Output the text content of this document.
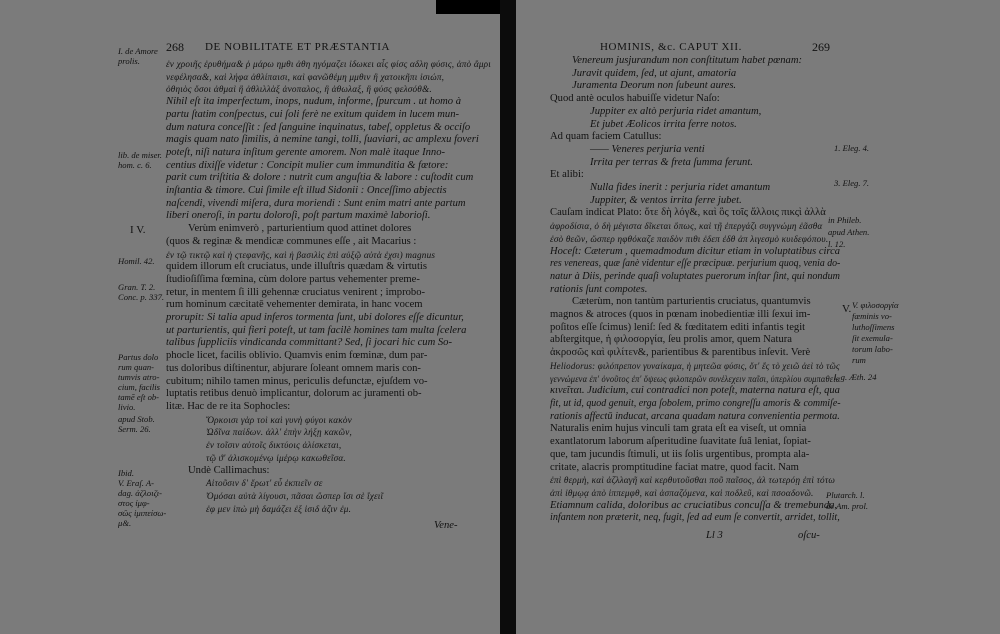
268 DE NOBILITATE ET PRÆSTANTIA
ἐν χροιῆς ἐρυθήμα& ῥ μάρω ημθι ἀθη ηγόμαζει ἰδωκει αἷς φίσς αδλη φύσις, ἀπὸ ἄμρι
νεφέλησα&, καὶ λήφα ἀθλίπαισι, καὶ φανῶθέμη μμθιν ἢ χατοικῆπι ἰσιώπ,
ὀθηιὸς ὅσοι ἀθμαὶ ἢ ἀθλιλλὰξ ἀνοπαλος, ἢ ἀθωλαξ, ἢ φύσς φελσόθ&.
Nihil eſt ita imperfectum, inops, nudum, informe, ſpurcum . ut homo à
partu ſtatim conſpectus, cui ſoli ferè ne exitum quidem in lucem mun-
dum natura conceſſit : ſed ſanguine inquinatus, tabeſ, oppletus & occiſo
magis quam nato ſimilis, à nemine tangi, tolli, ſuaviari, ac amplexu foveri
poteſt, niſi natura inſitum gerente amorem. Non malè itaque Inno-
centius dixiſſe videtur : Concipit mulier cum immunditia & fœtore:
parit cum triſtitia & dolore : nutrit cum anguſtia & labore : cuſtodit cum
inſtantia & timore. Cui ſimile eſt illud Sidonii : Onceſſimo abjectis
naſcendi, vivendi miſera, dura moriendi : Sunt enim matri ante partum
liberi oneroſi, in partu doloroſi, poſt partum maximè laborioſi.
Verùm enimverò , parturientium quod attinet dolores
(quos & reginæ & mendicæ communes eſſe , ait Macarius :
ἐν τῷ τικτῷ καὶ ἡ ςτεφανῆς, καὶ ἡ βασιλὶς ἐπὶ αὐξῷ αὐτὰ ἐχσι) magnus
quidem illorum eſt cruciatus, unde illuſtris quædam & virtutis
ſtudioſiſſima fœmina, cùm dolore partus vehementer preme-
retur, in mentem ſi illi gehennæ cruciatus venirent ; improbo-
rum hominum cæcitatē vehementer demirata, in hanc vocem
prorupit: Si talia apud inferos tormenta ſunt, ubi dolores eſſe dicuntur,
ut parturientis, qui fieri poteſt, ut tam facilè homines tam multa ſcelera
talibus ſuppliciis vindicanda committant? Sed, ſi jocari hic cum So-
phocle licet, facilis oblivio. Quamvis enim fœminæ, dum par-
tus doloribus diſtinentur, abjurare ſoleant omnem maris con-
cubitum; nihilo tamen minus, periculis defunctæ, ejuſdem vo-
luptatis retibus denuò implicantur, dolorum ac juramenti ob-
litæ. Hac de re ita Sophocles:
Ὅρκοισι γὰρ τοὶ καὶ γυνὴ φύγοι κακὸν
Ὠδῖνα παίδων. ἀλλ' ἐπὴν λήξῃ κακῶν,
ἐν τοῖσιν αὐτοῖς δικτύοις ἁλίσκεται,
τῷ ϑ' ἁλισκομένῳ ἱμέρῳ κακωθεῖσα.
Undè Callimachus:
Αἰτοῦσιν δ' ἔρωτ' εὖ ἐκπιεῖν σε
Ὀμόσαι αὐτὰ λίγουσι, πᾶσαι ὥσπερ ἴσι σὲ ἴχειῖ
ἐφ μεν ἰπὼ μὴ δαμάζει ἐξ ἰσιδ ἀζιν ἐμ.
I. de Amore
prolis.
lib. de miser.
hom. c. 6.
Homil. 42.
Gran. T. 2.
Conc. p. 337.
Partus dolo
rum quan-
tumvis atro-
cium, facilis
tamē eſt ob-
livio.
apud Stob.
Serm. 26.
Ibid.
V. Eraſ. A-
dag. ἀζλοιζι-
στος ἰμφ-
σῶς ἱμιπείσω-
μ&.
I V.
Vene-
HOMINIS, &c. CAPUT XII.	269
Venereum jusjurandum non conſtitutum habet pœnam:
Juravit quidem, ſed, ut ajunt, amatoria
Juramenta Deorum non ſubeunt aures.
Quod antè oculos habuiſſe videtur Naſo:
Juppiter ex altò perjuria ridet amantum,
Et jubet Æolicos irrita ferre notos.
Ad quam faciem Catullus:
—— Veneres perjuria venti
Irrita per terras & freta ſumma ferunt.
Et alibi:
Nulla fides inerit : perjuria ridet amantum
Juppiter, & ventos irrita ferre jubet.
Cauſam indicat Plato: ὅτε δὴ λόγ&, καὶ ὃς τοῖς ἄλλοις πικςὶ ἀλλὰ
ἀφροδίσια, ὁ δὴ μέγιστα δῖκεται ὅπως, καὶ τῇ ἐπεργάζι συγγνώμη ἐᾶσθα
ἐσὸ θεῶν, ὥσπερ ηφθόκαζε παιδὸν πιθι ἐδεπ ἐδθ ἀπ λιγεσμὸ κυιδεφόπου.
Hoceſt: Cæterum , quemadmodum dicitur etiam in voluptatibus circa
res venereas, quæ ſanè videntur eſſe præcipuæ. perjurium quoq, venia do-
natur à Diis, perinde quaſi voluptates puerorum inſtar ſint, qui nondum
rationis ſunt compotes.
Cæterùm, non tantùm parturientis cruciatus, quantumvis
magnos & atroces (quos in pœnam inobedientiæ illi ſexui im-
poſitos eſſe ſcimus) leniſ: ſed & fœditatem editi infantis tegit
abſtergitque, ἡ φιλοσοργία, ſeu prolis amor, quem Natura
ἀκροσῶς καὶ φιλίτεν&, parientibus & parentibus inſevit. Verè
Heliodorus: φιλόπρεπον γυναίκαμα, ἡ μητεῶα φύσις, ὅτ' ἔς τὸ χειῶ ἀεὶ τὸ τῶς
γεννώμενα ἐπ' ὀνοῦτος ἐπ' ὄψεως φιλοπερῶν συνέλεχειν παῖσι, ὑπερλίου συμπαθεία
κινεῖται. Judicium, cui contradici non poteſt, materna natura eſt, qua
fit, ut id, quod genuit, erga ſobolem, primo congreſſu amoris & commiſe-
rationis affectū inducat, arcana quadam natura convenientia permota.
Naturalis enim hujus vinculi tam grata eſt ea viseſt, ut omnia
exantlatorum laborum aſperitudine ſuavitate ſuâ leniat, ſopiat-
que, tam jucundis ſtimuli, ut iis ſolis urgentibus, prompta ala-
critate, alacris promptitudine faciat matre, quod facit. Nam
ἐπὶ θερμὴ, καὶ ἀζλλαγῆ καὶ κερθυτοῦσθαι ποῦ παῖσος, ἀλ τωτερόῃ ἐπὶ τότω
ἀπὶ ἰθμῳᾳ ἀπὸ ἰππεμφθ, καὶ ἀσπαζόμενα, καὶ ποδλεῦ, καὶ πσοαδονῶ.
Etiamnum calida, doloribus ac cruciatibus concuſſa & tremebunda,
infantem non præterit, neq, fugit, ſed ad eum ſe convertit, arridet, tollit,
1. Eleg. 4.
3. Eleg. 7.
in Phileb.
apud Athen.
l. 12.
V. φιλοσοργία
fæminis vo-
luthoſſimens
ſit exemula-
torum labo-
rum
l. g. Æth. 24
Plutarch. l.
de Am. prol.
V.
Ll 3	oſcu-
